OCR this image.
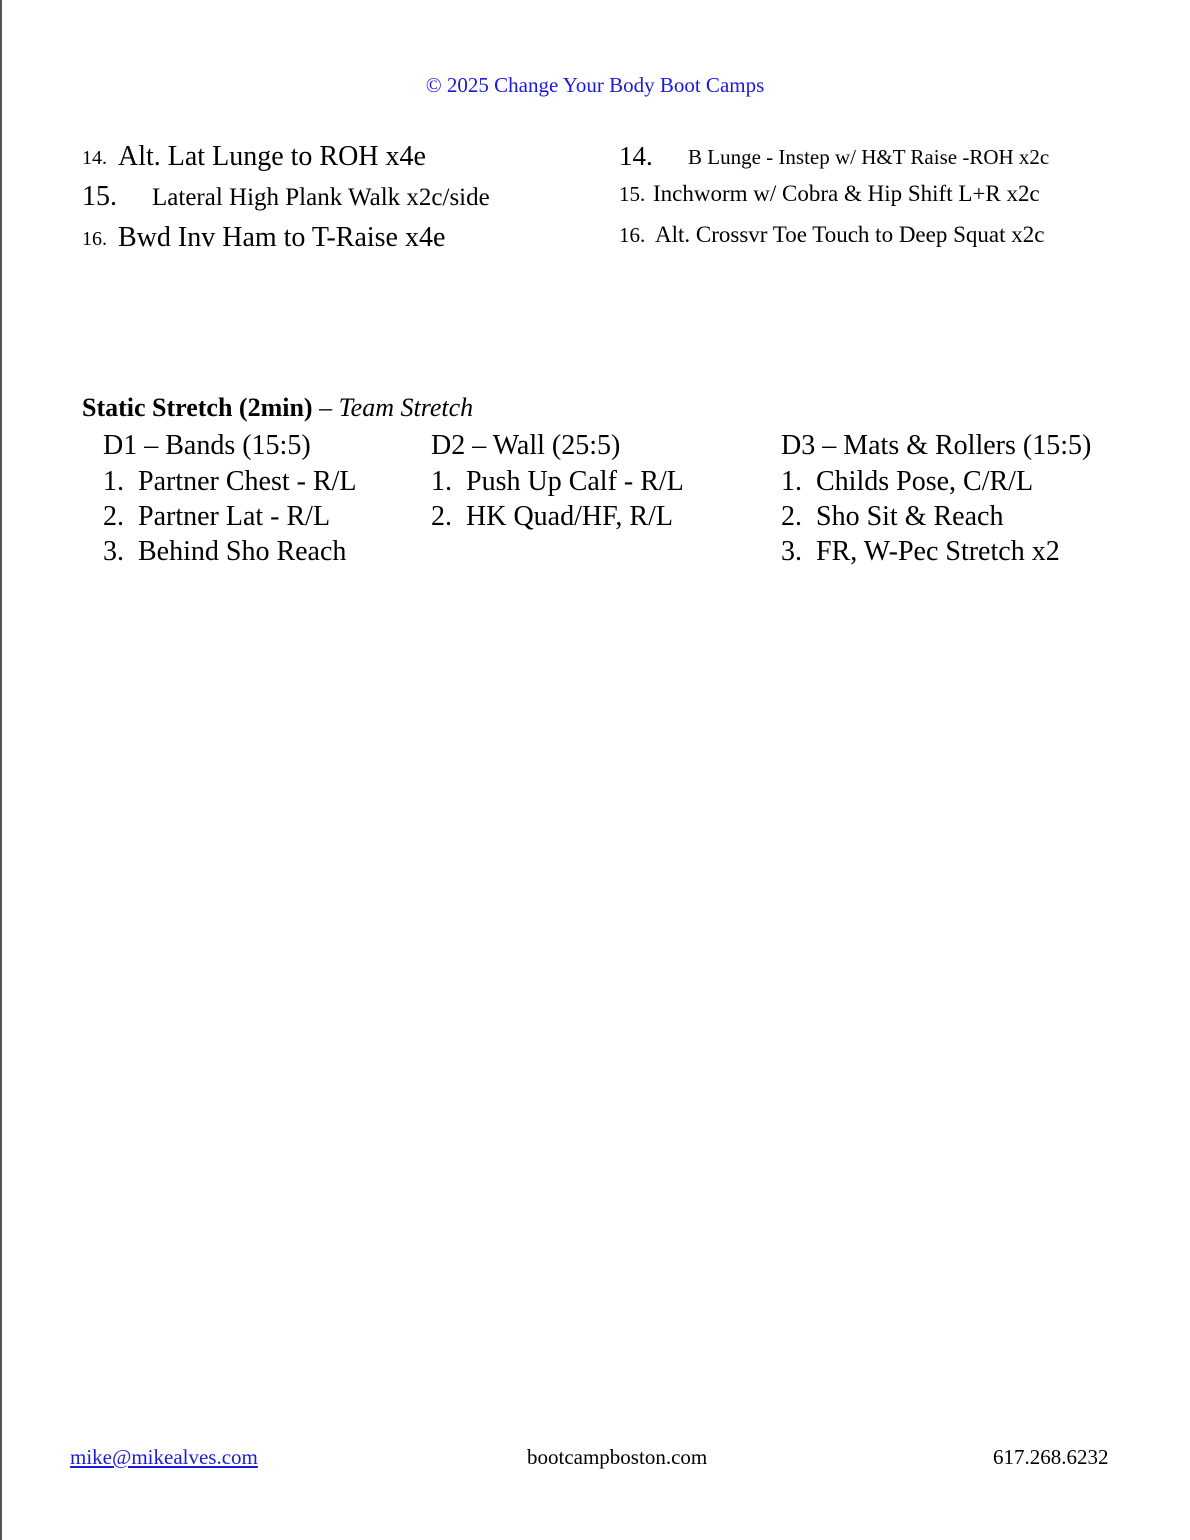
© 2025 Change Your Body Boot Camps
14. Alt. Lat Lunge to ROH x4e
15. Lateral High Plank Walk x2c/side
16. Bwd Inv Ham to T-Raise x4e
14. B Lunge - Instep w/ H&T Raise -ROH x2c
15. Inchworm w/ Cobra & Hip Shift L+R x2c
16. Alt. Crossvr Toe Touch to Deep Squat x2c
Static Stretch (2min) – Team Stretch
D1 – Bands (15:5)
1. Partner Chest - R/L
2. Partner Lat - R/L
3. Behind Sho Reach
D2 – Wall (25:5)
1. Push Up Calf - R/L
2. HK Quad/HF, R/L
D3 – Mats & Rollers (15:5)
1. Childs Pose, C/R/L
2. Sho Sit & Reach
3. FR, W-Pec Stretch x2
mike@mikealves.com	bootcampboston.com	617.268.6232
